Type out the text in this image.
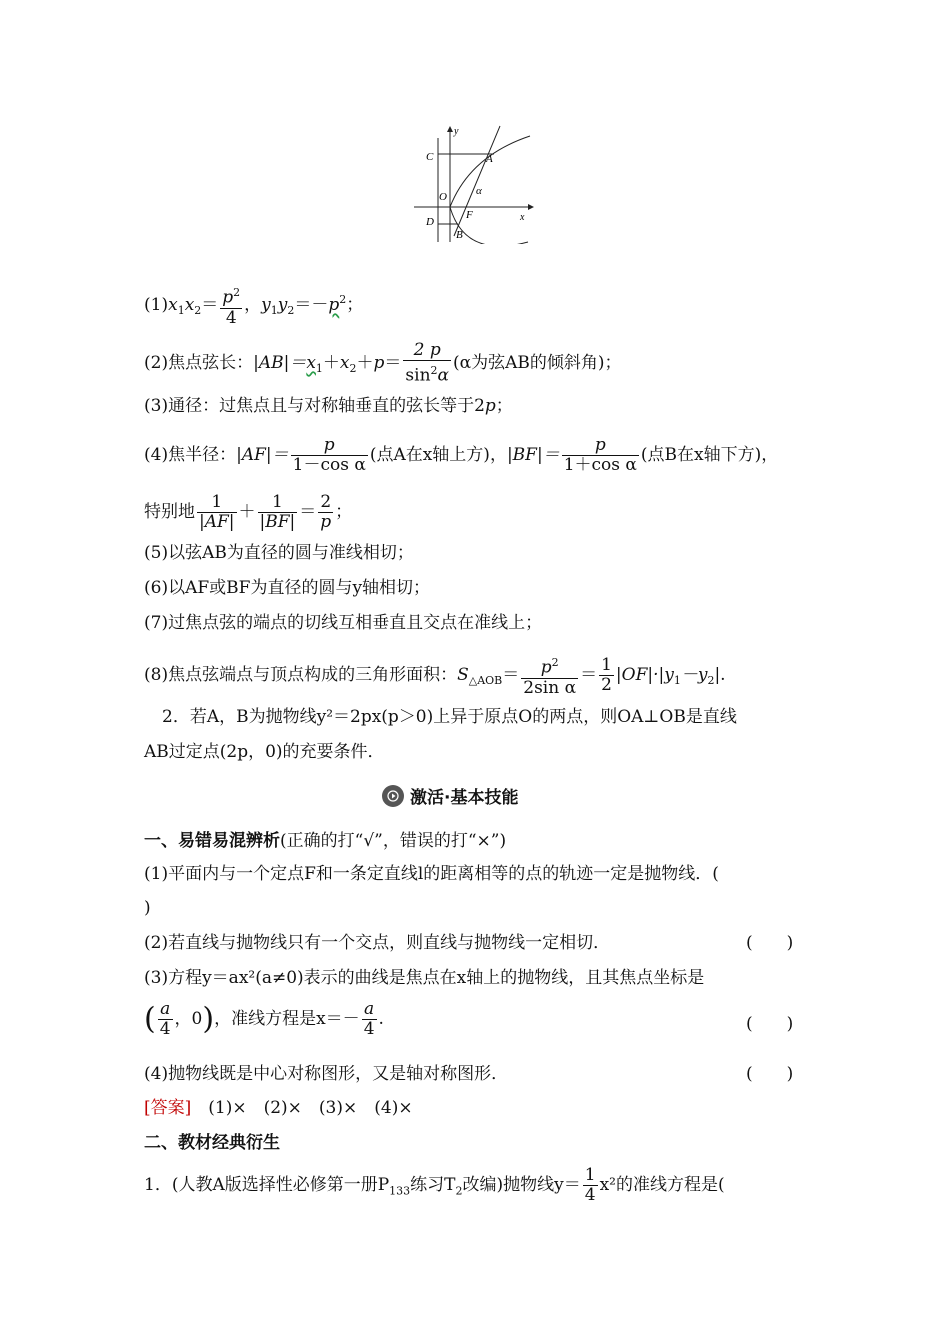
y
x
A
C
O	α
F
D
B
$(1)x_1x_2= \frac{p^2}{4}$ ，$y_1y_2=-p^2$；
(2)焦点弦长：$|AB|=x_1+x_2+p= \frac{2 p}{\sin^2\alpha} (\alpha$为弦AB的倾斜角)；
(3)通径：过焦点且与对称轴垂直的弦长等于2p；
(4)焦半径：$|AF|= \frac{p}{\text{1－cos α}}$ (点A在x轴上方)，$|BF|= \frac{p}{\text{1＋cos α}}$ (点B在x轴下方)，
特别地 $\frac{1}{|AF|} + \frac{1}{|BF|} = \frac{2}{p}$ ；
(5)以弦AB为直径的圆与准线相切；
(6)以AF或BF为直径的圆与y轴相切；
(7)过焦点弦的端点的切线互相垂直且交点在准线上；
(8)焦点弦端点与顶点构成的三角形面积：$S_{\triangle AOB}= \frac{p^2}{\text{2sin α}} = \frac{1}{2} |OF|\cdot|y_1-y_2|$.
2．若A，B为抛物线y²＝2px(p＞0)上异于原点O的两点，则OA⊥OB是直线
AB过定点(2p，0)的充要条件．
激活·基本技能
一、易错易混辨析(正确的打“√”，错误的打“×”)
(1)平面内与一个定点F和一条定直线l的距离相等的点的轨迹一定是抛物线．(
)
(2)若直线与抛物线只有一个交点，则直线与抛物线一定相切．	(　　)
(3)方程y＝ax²(a≠0)表示的曲线是焦点在x轴上的抛物线，且其焦点坐标是
( $\frac{a}{4}$ ，0)，准线方程是$x=- \frac{a}{4}$ .	(　　)
(4)抛物线既是中心对称图形，又是轴对称图形．	(　　)
[答案]　 (1)×　(2)×　(3)×　(4)×
二、教材经典衍生
1．(人教A版选择性必修第一册$P_{133}$练习$T_2$改编)抛物线$y= \frac{1}{4} x^2$的准线方程是(
